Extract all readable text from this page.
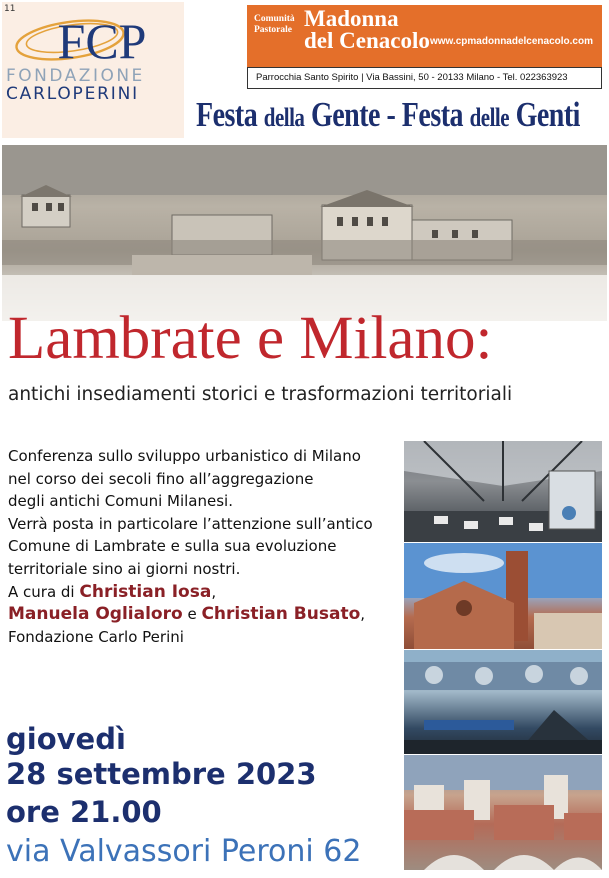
11
FCP
FONDAZIONE
CARLOPERINI
Comunità
Pastorale Madonna
del Cenacolo www.cpmadonnadelcenacolo.com
Parrocchia Santo Spirito | Via Bassini, 50 - 20133 Milano - Tel. 022363923
Festa della Gente - Festa delle Genti
Lambrate e Milano:
antichi insediamenti storici e trasformazioni territoriali
Conferenza sullo sviluppo urbanistico di Milano
nel corso dei secoli fino all’aggregazione
degli antichi Comuni Milanesi.
Verrà posta in particolare l’attenzione sull’antico
Comune di Lambrate e sulla sua evoluzione
territoriale sino ai giorni nostri.
A cura di Christian Iosa,
Manuela Oglialoro e Christian Busato,
Fondazione Carlo Perini
giovedì
28 settembre 2023
ore 21.00
via Valvassori Peroni 62
